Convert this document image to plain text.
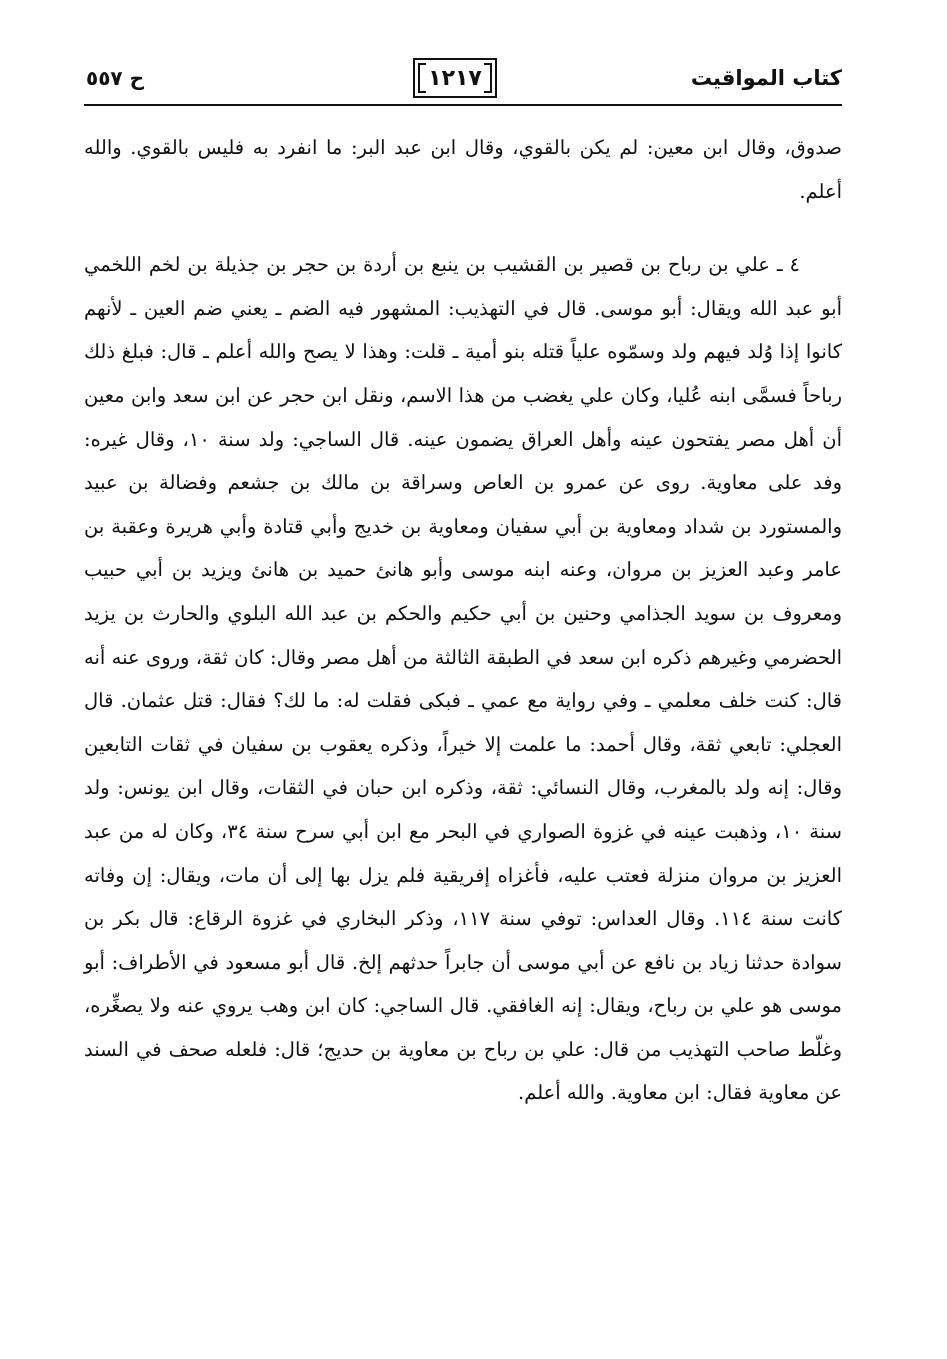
كتاب المواقيت
١٢١٧
ح ٥٥٧

صدوق، وقال ابن معين: لم يكن بالقوي، وقال ابن عبد البر: ما انفرد به فليس بالقوي. والله أعلم.

٤ ـ علي بن رباح بن قصير بن القشيب بن ينبع بن أردة بن حجر بن جذيلة بن لخم اللخمي أبو عبد الله ويقال: أبو موسى. قال في التهذيب: المشهور فيه الضم ـ يعني ضم العين ـ لأنهم كانوا إذا وُلد فيهم ولد وسمّوه علياً قتله بنو أمية ـ قلت: وهذا لا يصح والله أعلم ـ قال: فبلغ ذلك رباحاً فسمَّى ابنه عُليا، وكان علي يغضب من هذا الاسم، ونقل ابن حجر عن ابن سعد وابن معين أن أهل مصر يفتحون عينه وأهل العراق يضمون عينه. قال الساجي: ولد سنة ١٠، وقال غيره: وفد على معاوية. روى عن عمرو بن العاص وسراقة بن مالك بن جشعم وفضالة بن عبيد والمستورد بن شداد ومعاوية بن أبي سفيان ومعاوية بن خديج وأبي قتادة وأبي هريرة وعقبة بن عامر وعبد العزيز بن مروان، وعنه ابنه موسى وأبو هانئ حميد بن هانئ ويزيد بن أبي حبيب ومعروف بن سويد الجذامي وحنين بن أبي حكيم والحكم بن عبد الله البلوي والحارث بن يزيد الحضرمي وغيرهم ذكره ابن سعد في الطبقة الثالثة من أهل مصر وقال: كان ثقة، وروى عنه أنه قال: كنت خلف معلمي ـ وفي رواية مع عمي ـ فبكى فقلت له: ما لك؟ فقال: قتل عثمان. قال العجلي: تابعي ثقة، وقال أحمد: ما علمت إلا خيراً، وذكره يعقوب بن سفيان في ثقات التابعين وقال: إنه ولد بالمغرب، وقال النسائي: ثقة، وذكره ابن حبان في الثقات، وقال ابن يونس: ولد سنة ١٠، وذهبت عينه في غزوة الصواري في البحر مع ابن أبي سرح سنة ٣٤، وكان له من عبد العزيز بن مروان منزلة فعتب عليه، فأغزاه إفريقية فلم يزل بها إلى أن مات، ويقال: إن وفاته كانت سنة ١١٤. وقال العداس: توفي سنة ١١٧، وذكر البخاري في غزوة الرقاع: قال بكر بن سوادة حدثنا زياد بن نافع عن أبي موسى أن جابراً حدثهم إلخ. قال أبو مسعود في الأطراف: أبو موسى هو علي بن رباح، ويقال: إنه الغافقي. قال الساجي: كان ابن وهب يروي عنه ولا يصغِّره، وغلّط صاحب التهذيب من قال: علي بن رباح بن معاوية بن حديج؛ قال: فلعله صحف في السند عن معاوية فقال: ابن معاوية. والله أعلم.
